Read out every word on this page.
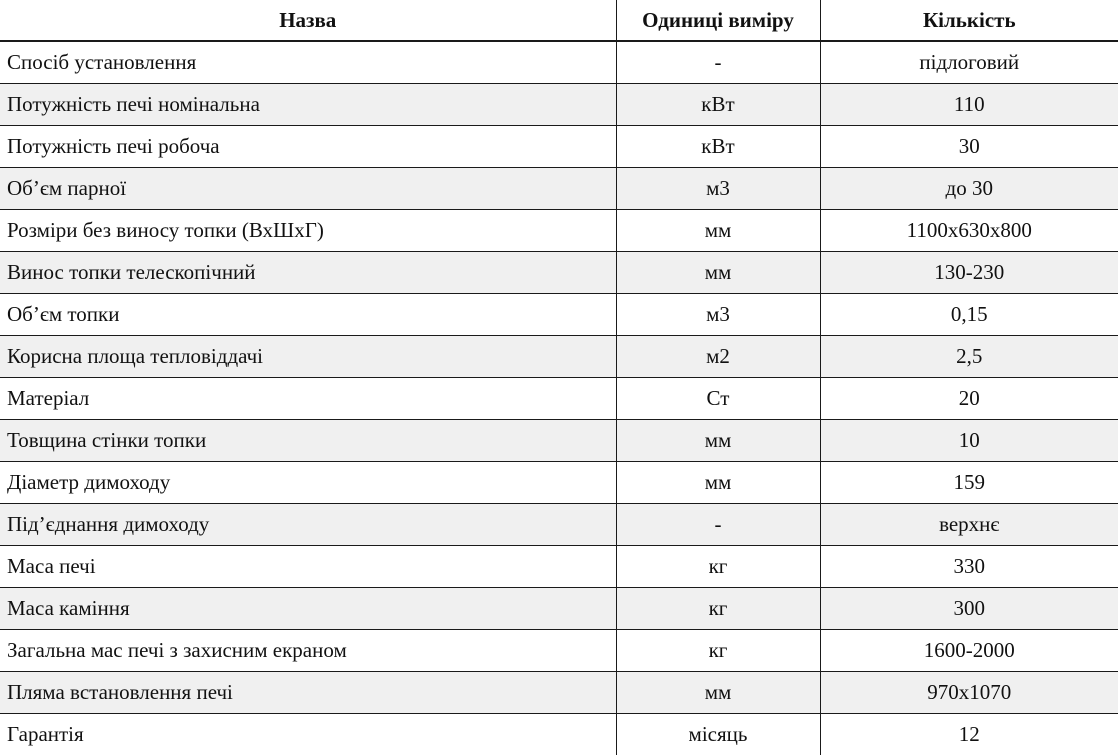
Назва	Одиниці виміру	Кількість
Спосіб установлення	-	підлоговий
Потужність печі номінальна	кВт	110
Потужність печі робоча	кВт	30
Об’єм парної	м3	до 30
Розміри без виносу топки (ВхШхГ)	мм	1100х630х800
Винос топки телескопічний	мм	130-230
Об’єм топки	м3	0,15
Корисна площа тепловіддачі	м2	2,5
Матеріал	Ст	20
Товщина стінки топки	мм	10
Діаметр димоходу	мм	159
Під’єднання димоходу	-	верхнє
Маса печі	кг	330
Маса каміння	кг	300
Загальна мас печі з захисним екраном	кг	1600-2000
Пляма встановлення печі	мм	970х1070
Гарантія	місяць	12
